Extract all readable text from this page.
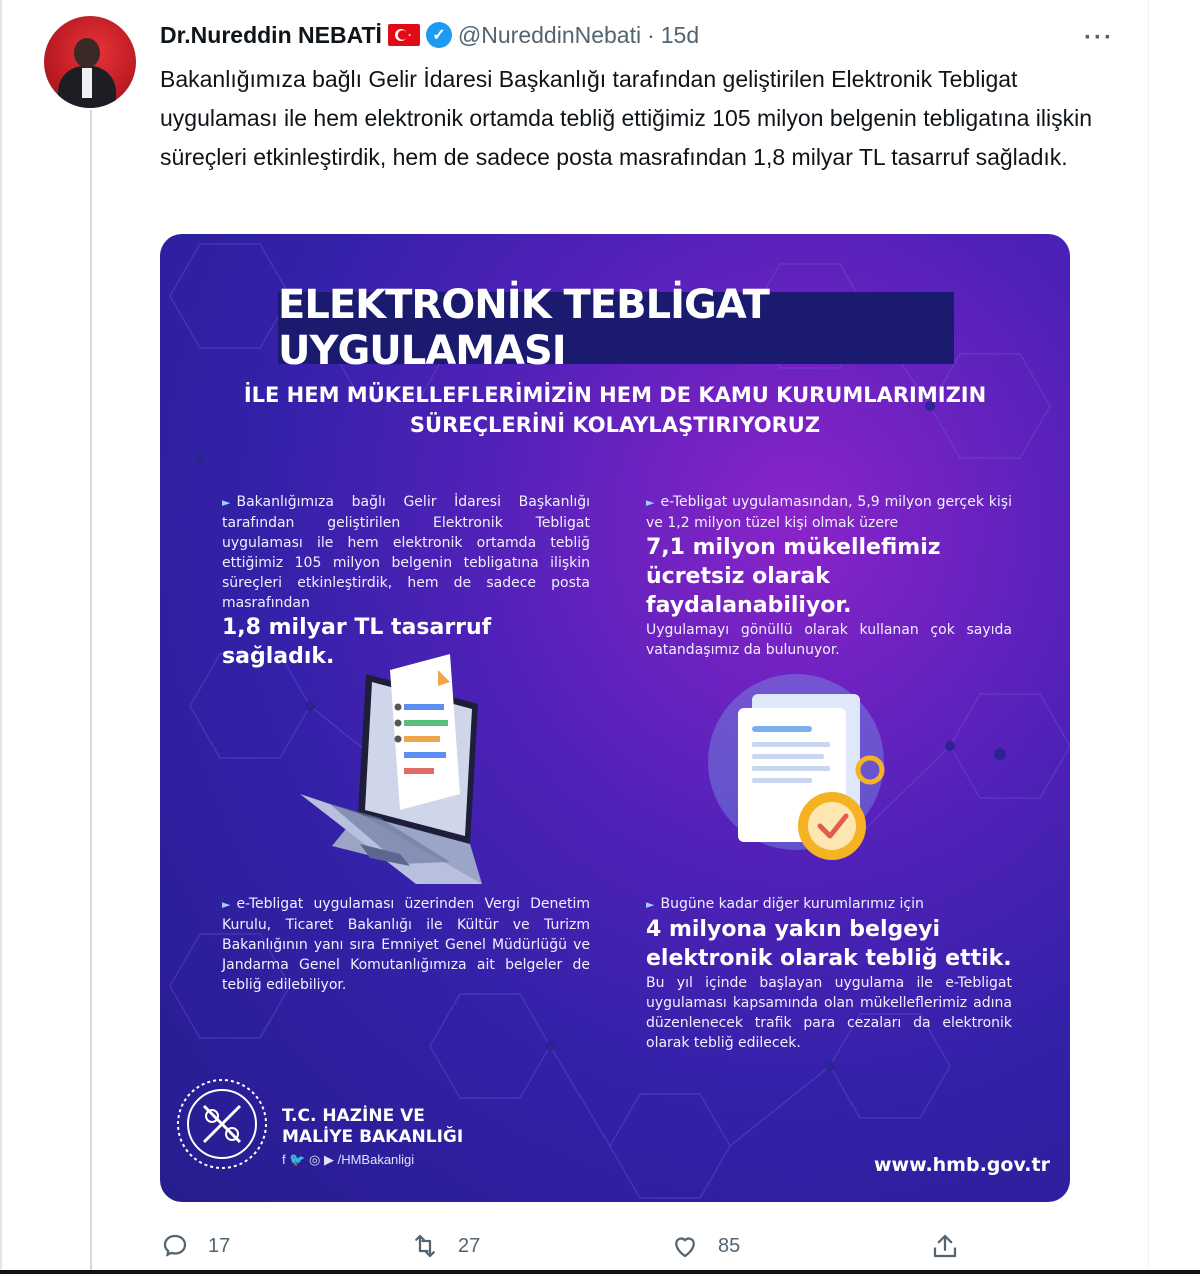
Dr.Nureddin NEBATİ	✓ @NureddinNebati · 15d	···
Bakanlığımıza bağlı Gelir İdaresi Başkanlığı tarafından geliştirilen Elektronik Tebligat uygulaması ile hem elektronik ortamda tebliğ ettiğimiz 105 milyon belgenin tebligatına ilişkin süreçleri etkinleştirdik, hem de sadece posta masrafından 1,8 milyar TL tasarruf sağladık.
ELEKTRONİK TEBLİGAT UYGULAMASI
İLE HEM MÜKELLEFLERİMİZİN HEM DE KAMU KURUMLARIMIZIN SÜREÇLERİNİ KOLAYLAŞTIRIYORUZ
► Bakanlığımıza bağlı Gelir İdaresi Başkanlığı tarafından geliştirilen Elektronik Tebligat uygulaması ile hem elektronik ortamda tebliğ ettiğimiz 105 milyon belgenin tebligatına ilişkin süreçleri etkinleştirdik, hem de sadece posta masrafından
1,8 milyar TL tasarruf sağladık.
► e-Tebligat uygulamasından, 5,9 milyon gerçek kişi ve 1,2 milyon tüzel kişi olmak üzere
7,1 milyon mükellefimiz ücretsiz olarak faydalanabiliyor.
Uygulamayı gönüllü olarak kullanan çok sayıda vatandaşımız da bulunuyor.
► e-Tebligat uygulaması üzerinden Vergi Denetim Kurulu, Ticaret Bakanlığı ile Kültür ve Turizm Bakanlığının yanı sıra Emniyet Genel Müdürlüğü ve Jandarma Genel Komutanlığımıza ait belgeler de tebliğ edilebiliyor.
► Bugüne kadar diğer kurumlarımız için
4 milyona yakın belgeyi elektronik olarak tebliğ ettik.
Bu yıl içinde başlayan uygulama ile e-Tebligat uygulaması kapsamında olan mükelleflerimiz adına düzenlenecek trafik para cezaları da elektronik olarak tebliğ edilecek.
T.C. HAZİNE VE
MALİYE BAKANLIĞI
f 🐦 ◎ ▶ /HMBakanligi	www.hmb.gov.tr
17	27	85
